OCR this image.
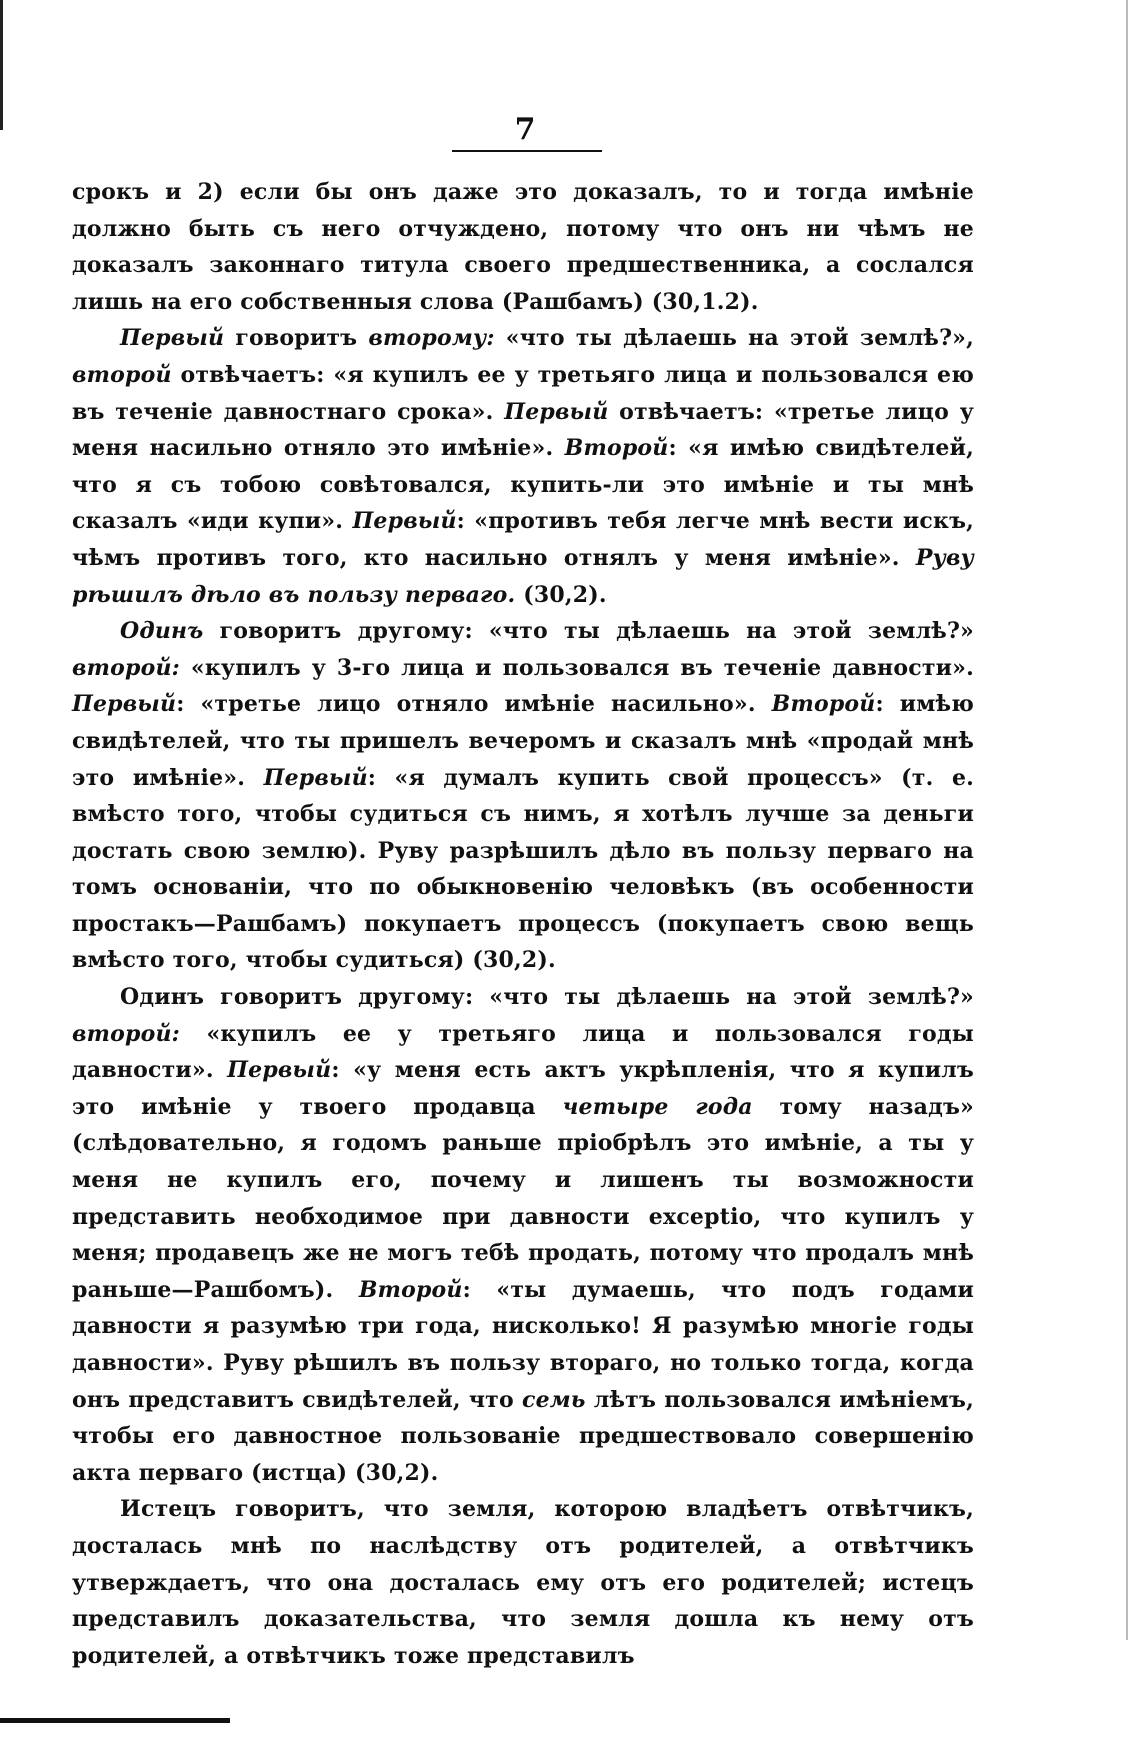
7

срокъ и 2) если бы онъ даже это доказалъ, то и тогда имѣніе должно быть съ него отчуждено, потому что онъ ни чѣмъ не доказалъ законнаго титула своего предшественника, а сослался лишь на его собственныя слова (Рашбамъ) (30,1.2).

Первый говоритъ второму: «что ты дѣлаешь на этой землѣ?», второй отвѣчаетъ: «я купилъ ее у третьяго лица и пользовался ею въ теченіе давностнаго срока». Первый отвѣчаетъ: «третье лицо у меня насильно отняло это имѣніе». Второй: «я имѣю свидѣтелей, что я съ тобою совѣтовался, купить-ли это имѣніе и ты мнѣ сказалъ «иди купи». Первый: «противъ тебя легче мнѣ вести искъ, чѣмъ противъ того, кто насильно отнялъ у меня имѣніе». Руву рѣшилъ дѣло въ пользу перваго. (30,2).

Одинъ говоритъ другому: «что ты дѣлаешь на этой землѣ?» второй: «купилъ у 3-го лица и пользовался въ теченіе давности». Первый: «третье лицо отняло имѣніе насильно». Второй: имѣю свидѣтелей, что ты пришелъ вечеромъ и сказалъ мнѣ «продай мнѣ это имѣніе». Первый: «я думалъ купить свой процессъ» (т. е. вмѣсто того, чтобы судиться съ нимъ, я хотѣлъ лучше за деньги достать свою землю). Руву разрѣшилъ дѣло въ пользу перваго на томъ основаніи, что по обыкновенію человѣкъ (въ особенности простакъ—Рашбамъ) покупаетъ процессъ (покупаетъ свою вещь вмѣсто того, чтобы судиться) (30,2).

Одинъ говоритъ другому: «что ты дѣлаешь на этой землѣ?» второй: «купилъ ее у третьяго лица и пользовался годы давности». Первый: «у меня есть актъ укрѣпленія, что я купилъ это имѣніе у твоего продавца четыре года тому назадъ» (слѣдовательно, я годомъ раньше пріобрѣлъ это имѣніе, а ты у меня не купилъ его, почему и лишенъ ты возможности представить необходимое при давности exceptio, что купилъ у меня; продавецъ же не могъ тебѣ продать, потому что продалъ мнѣ раньше—Рашбомъ). Второй: «ты думаешь, что подъ годами давности я разумѣю три года, нисколько! Я разумѣю многіе годы давности». Руву рѣшилъ въ пользу втораго, но только тогда, когда онъ представитъ свидѣтелей, что семь лѣтъ пользовался имѣніемъ, чтобы его давностное пользованіе предшествовало совершенію акта перваго (истца) (30,2).

Истецъ говоритъ, что земля, которою владѣетъ отвѣтчикъ, досталась мнѣ по наслѣдству отъ родителей, а отвѣтчикъ утверждаетъ, что она досталась ему отъ его родителей; истецъ представилъ доказательства, что земля дошла къ нему отъ родителей, а отвѣтчикъ тоже представилъ
